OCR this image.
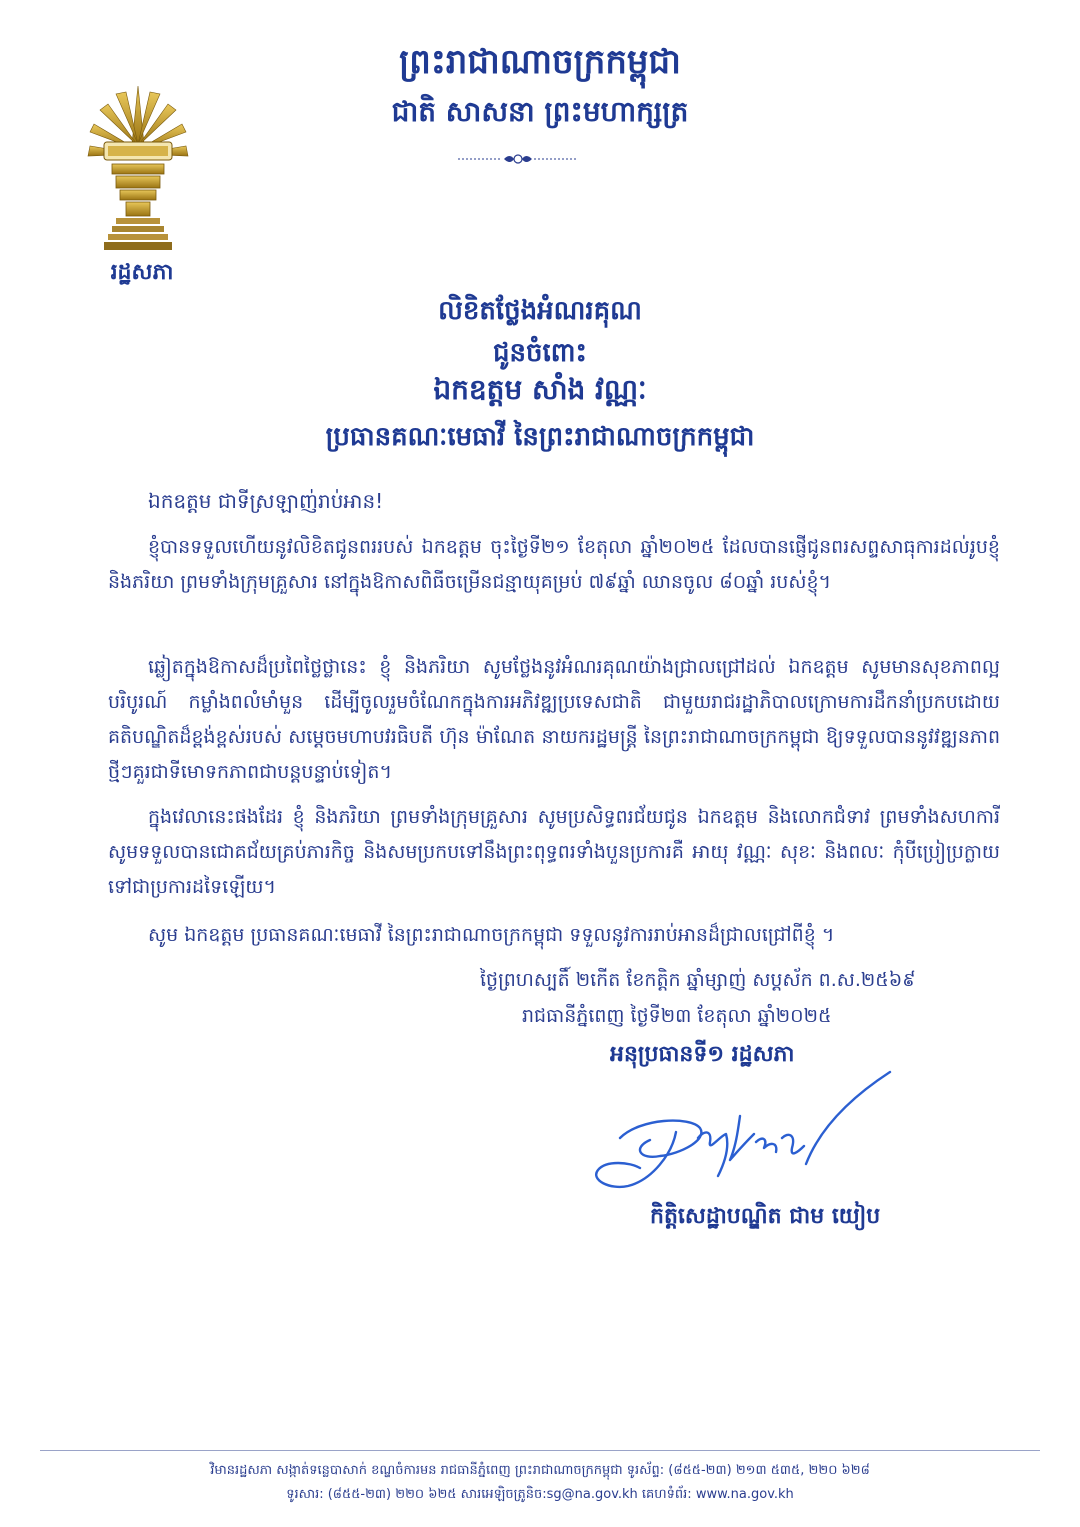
រដ្ឋសភា
ព្រះរាជាណាចក្រកម្ពុជា
ជាតិ សាសនា ព្រះមហាក្សត្រ
លិខិតថ្លែងអំណរគុណ
ជូនចំពោះ
ឯកឧត្តម សាំង វណ្ណៈ
ប្រធានគណៈមេធាវី នៃព្រះរាជាណាចក្រកម្ពុជា
ឯកឧត្តម ជាទីស្រឡាញ់រាប់អាន!
ខ្ញុំបានទទួលហើយនូវលិខិតជូនពររបស់ ឯកឧត្តម ចុះថ្ងៃទី២១ ខែតុលា ឆ្នាំ២០២៥ ដែលបានផ្ញើជូនពរសព្ទសាធុការដល់រូបខ្ញុំ និងភរិយា ព្រមទាំងក្រុមគ្រួសារ នៅក្នុងឱកាសពិធីចម្រើនជន្មាយុគម្រប់ ៧៩ឆ្នាំ ឈានចូល ៨០ឆ្នាំ របស់ខ្ញុំ។
ឆ្លៀតក្នុងឱកាសដ៏ប្រពៃថ្លៃថ្លានេះ ខ្ញុំ និងភរិយា សូមថ្លែងនូវអំណរគុណយ៉ាងជ្រាលជ្រៅដល់ ឯកឧត្តម សូមមានសុខភាពល្អបរិបូរណ៍ កម្លាំងពលំមាំមួន ដើម្បីចូលរួមចំណែកក្នុងការអភិវឌ្ឍប្រទេសជាតិ ជាមួយរាជរដ្ឋាភិបាលក្រោមការដឹកនាំប្រកបដោយគតិបណ្ឌិតដ៏ខ្ពង់ខ្ពស់របស់ សម្តេចមហាបវរធិបតី ហ៊ុន ម៉ាណែត នាយករដ្ឋមន្ត្រី នៃព្រះរាជាណាចក្រកម្ពុជា ឱ្យទទួលបាននូវវឌ្ឍនភាពថ្មីៗគួរជាទីមោទកភាពជាបន្តបន្ទាប់ទៀត។
ក្នុងវេលានេះផងដែរ ខ្ញុំ និងភរិយា ព្រមទាំងក្រុមគ្រួសារ សូមប្រសិទ្ធពរជ័យជូន ឯកឧត្តម និងលោកជំទាវ ព្រមទាំងសហការី សូមទទួលបានជោគជ័យគ្រប់ភារកិច្ច និងសមប្រកបទៅនឹងព្រះពុទ្ធពរទាំងបួនប្រការគឺ អាយុ វណ្ណៈ សុខៈ និងពលៈ កុំបីប្រៀប្រក្លាយទៅជាប្រការដទៃឡើយ។
សូម ឯកឧត្តម ប្រធានគណៈមេធាវី នៃព្រះរាជាណាចក្រកម្ពុជា ទទួលនូវការរាប់អានដ៏ជ្រាលជ្រៅពីខ្ញុំ ។
ថ្ងៃព្រហស្បតិ៍ ២កើត ខែកត្តិក ឆ្នាំម្សាញ់ សប្តស័ក ព.ស.២៥៦៩
រាជធានីភ្នំពេញ ថ្ងៃទី២៣ ខែតុលា ឆ្នាំ២០២៥
អនុប្រធានទី១ រដ្ឋសភា
កិត្តិសេដ្ឋាបណ្ឌិត ជាម យៀប
វិមានរដ្ឋសភា សង្កាត់ទន្លេបាសាក់ ខណ្ឌចំការមន រាជធានីភ្នំពេញ ព្រះរាជាណាចក្រកម្ពុជា ទូរស័ព្ទ: (៨៥៥-២៣) ២១៣ ៥៣៥, ២២០ ៦២៨
ទូរសារ: (៨៥៥-២៣) ២២០ ៦២៥ សារអេឡិចត្រូនិច:sg@na.gov.kh គេហទំព័រ: www.na.gov.kh
